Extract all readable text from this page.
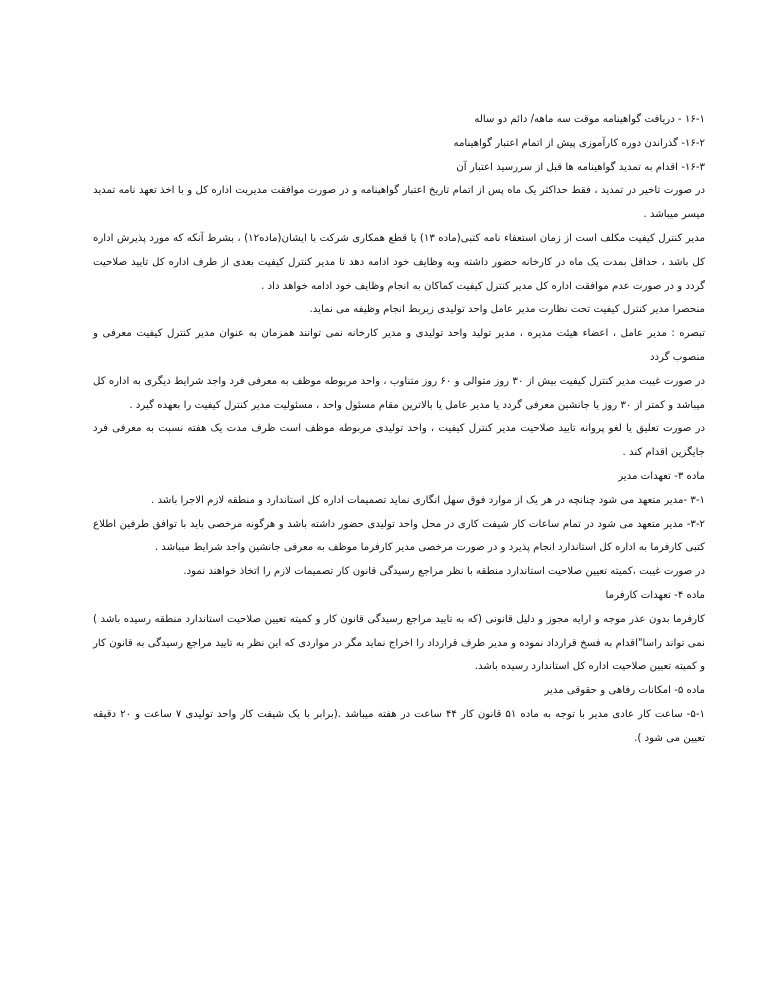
۱۶-۱ - دریافت گواهینامه موقت سه ماهه/ دائم دو ساله

۱۶-۲- گذراندن دوره کارآموزی پیش از اتمام اعتبار گواهینامه

۱۶-۳- اقدام به تمدید گواهینامه ها قبل از سررسید اعتبار آن

در صورت تاخیر در تمدید ، فقط حداکثر یک ماه پس از اتمام تاریخ اعتبار گواهینامه و در صورت موافقت مدیریت اداره کل و با اخذ تعهد نامه تمدید میسر میباشد .

مدیر کنترل کیفیت مکلف است از زمان استعفاء نامه کتبی(ماده ۱۳) یا قطع همکاری شرکت با ایشان(ماده۱۲) ، بشرط آنکه که مورد پذیرش اداره کل باشد ، حداقل بمدت یک ماه در کارخانه حضور داشته وبه وظایف خود ادامه دهد تا مدیر کنترل کیفیت بعدی از طرف اداره کل تایید صلاحیت گردد و در صورت عدم موافقت اداره کل مدیر کنترل کیفیت کماکان به انجام وظایف خود ادامه خواهد داد .

منحصرا مدیر کنترل کیفیت تحت نظارت مدیر عامل واحد تولیدی زیربط انجام وظیفه می نماید.

تبصره : مدیر عامل ، اعضاء هیئت مدیره ، مدیر تولید واحد تولیدی و مدیر کارخانه نمی توانند همزمان به عنوان مدیر کنترل کیفیت معرفی و منصوب گردد

در صورت غیبت مدیر کنترل کیفیت بیش از ۳۰ روز متوالی و ۶۰ روز متناوب ، واحد مربوطه موظف به معرفی فرد واجد شرایط دیگری به اداره کل میباشد و کمتر از ۳۰ روز یا جانشین معرفی گردد یا مدیر عامل یا بالاترین مقام مسئول واحد ، مسئولیت مدیر کنترل کیفیت را بعهده گیرد .

در صورت تعلیق یا لغو پروانه تایید صلاحیت مدیر کنترل کیفیت ، واحد تولیدی مربوطه موظف است ظرف مدت یک هفته نسبت به معرفی فرد جایگزین اقدام کند .

ماده ۳- تعهدات مدیر

۳-۱ -مدیر متعهد می شود چنانچه در هر یک از موارد فوق سهل انگاری نماید تصمیمات اداره کل استاندارد و منطقه لازم الاجرا باشد .

۳-۲- مدیر متعهد می شود در تمام ساعات کار شیفت کاری در محل واحد تولیدی حضور داشته باشد و هرگونه مرخصی باید با توافق طرفین اطلاع کتبی کارفرما به اداره کل استاندارد انجام پذیرد و در صورت مرخصی مدیر کارفرما موظف به معرفی جانشین واجد شرایط میباشد .

در صورت غیبت ،کمیته تعیین صلاحیت استاندارد منطقه با نظر مراجع رسیدگی قانون کار تصمیمات لازم را اتخاذ خواهند نمود.

ماده ۴- تعهدات کارفرما

کارفرما بدون عذر موجه و ارایه مجوز و دلیل قانونی (که به تایید مراجع رسیدگی قانون کار و کمیته تعیین صلاحیت استاندارد منطقه رسیده باشد ) نمی تواند راسا"اقدام به فسخ قرارداد نموده و مدیر طرف قرارداد را اخراج نماید مگر در مواردی که این نظر به تایید مراجع رسیدگی به قانون کار و کمیته تعیین صلاحیت اداره کل استاندارد رسیده باشد.

ماده ۵- امکانات رفاهی و حقوقی مدیر

۵-۱- ساعت کار عادی مدیر با توجه به ماده ۵۱ قانون کار ۴۴ ساعت در هفته میباشد .(برابر با یک شیفت کار واحد تولیدی ۷ ساعت و ۲۰ دقیقه تعیین می شود ).
